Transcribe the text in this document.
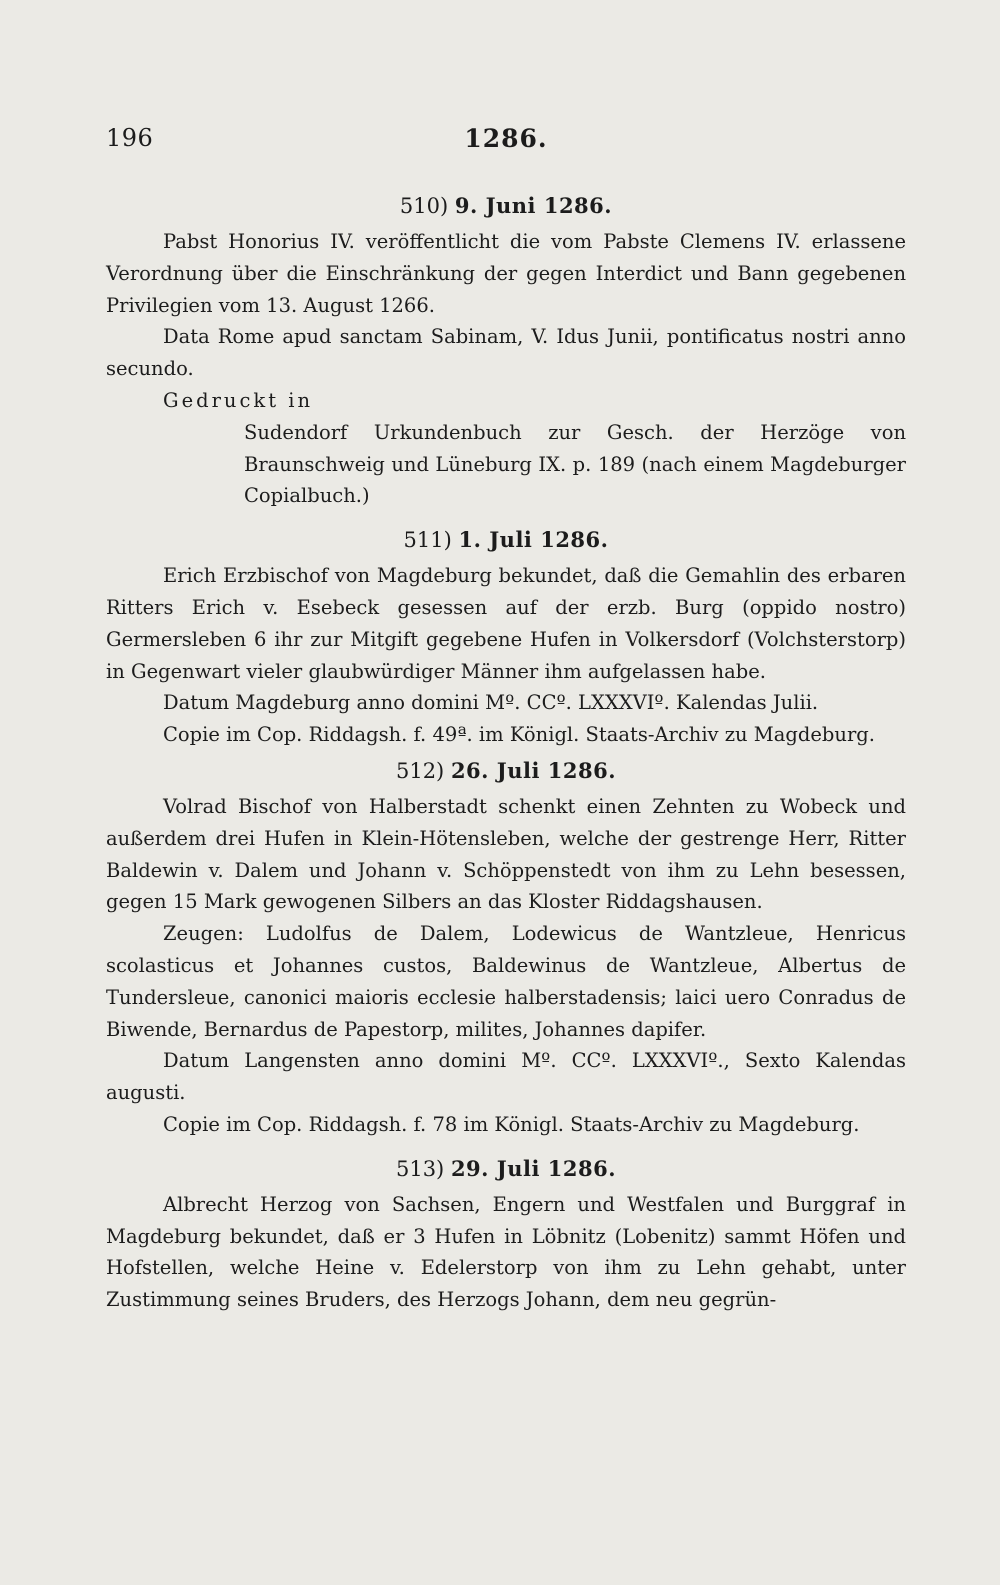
196	1286.
510) 9. Juni 1286.

Pabst Honorius IV. veröffentlicht die vom Pabste Clemens IV. erlassene Verordnung über die Einschränkung der gegen Interdict und Bann gegebenen Privilegien vom 13. August 1266.

Data Rome apud sanctam Sabinam, V. Idus Junii, pontificatus nostri anno secundo.

Gedruckt in

Sudendorf Urkundenbuch zur Gesch. der Herzöge von Braunschweig und Lüneburg IX. p. 189 (nach einem Magdeburger Copialbuch.)

511) 1. Juli 1286.

Erich Erzbischof von Magdeburg bekundet, daß die Gemahlin des erbaren Ritters Erich v. Esebeck gesessen auf der erzb. Burg (oppido nostro) Germersleben 6 ihr zur Mitgift gegebene Hufen in Volkersdorf (Volchsterstorp) in Gegenwart vieler glaubwürdiger Männer ihm aufgelassen habe.

Datum Magdeburg anno domini Mº. CCº. LXXXVIº. Kalendas Julii.

Copie im Cop. Riddagsh. f. 49ª. im Königl. Staats-Archiv zu Magdeburg.

512) 26. Juli 1286.

Volrad Bischof von Halberstadt schenkt einen Zehnten zu Wobeck und außerdem drei Hufen in Klein-Hötensleben, welche der gestrenge Herr, Ritter Baldewin v. Dalem und Johann v. Schöppenstedt von ihm zu Lehn besessen, gegen 15 Mark gewogenen Silbers an das Kloster Riddagshausen.

Zeugen: Ludolfus de Dalem, Lodewicus de Wantzleue, Henricus scolasticus et Johannes custos, Baldewinus de Wantzleue, Albertus de Tundersleue, canonici maioris ecclesie halberstadensis; laici uero Conradus de Biwende, Bernardus de Papestorp, milites, Johannes dapifer.

Datum Langensten anno domini Mº. CCº. LXXXVIº., Sexto Kalendas augusti.

Copie im Cop. Riddagsh. f. 78 im Königl. Staats-Archiv zu Magdeburg.

513) 29. Juli 1286.

Albrecht Herzog von Sachsen, Engern und Westfalen und Burggraf in Magdeburg bekundet, daß er 3 Hufen in Löbnitz (Lobenitz) sammt Höfen und Hofstellen, welche Heine v. Edelerstorp von ihm zu Lehn gehabt, unter Zustimmung seines Bruders, des Herzogs Johann, dem neu gegrün-
